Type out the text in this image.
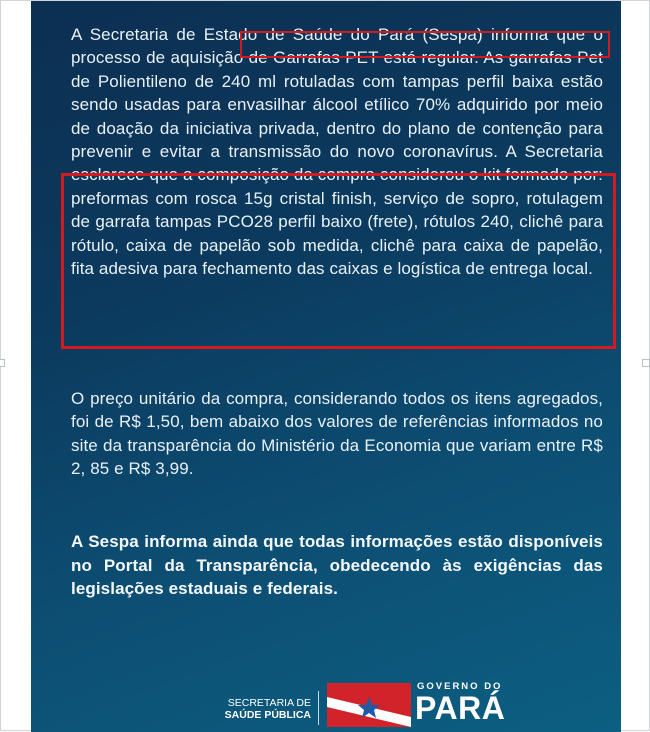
A Secretaria de Estado de Saúde do Pará (Sespa) informa que o processo de aquisição de Garrafas PET está regular. As garrafas Pet de Polientileno de 240 ml rotuladas com tampas perfil baixa estão sendo usadas para envasilhar álcool etílico 70% adquirido por meio de doação da iniciativa privada, dentro do plano de contenção para prevenir e evitar a transmissão do novo coronavírus. A Secretaria esclarece que a composição da compra considerou o kit formado por: preformas com rosca 15g cristal finish, serviço de sopro, rotulagem de garrafa tampas PCO28 perfil baixo (frete), rótulos 240, clichê para rótulo, caixa de papelão sob medida, clichê para caixa de papelão, fita adesiva para fechamento das caixas e logística de entrega local.

O preço unitário da compra, considerando todos os itens agregados, foi de R$ 1,50, bem abaixo dos valores de referências informados no site da transparência do Ministério da Economia que variam entre R$ 2, 85 e R$ 3,99.

A Sespa informa ainda que todas informações estão disponíveis no Portal da Transparência, obedecendo às exigências das legislações estaduais e federais.

SECRETARIA DE
SAÚDE PÚBLICA
GOVERNO DO
PARÁ
